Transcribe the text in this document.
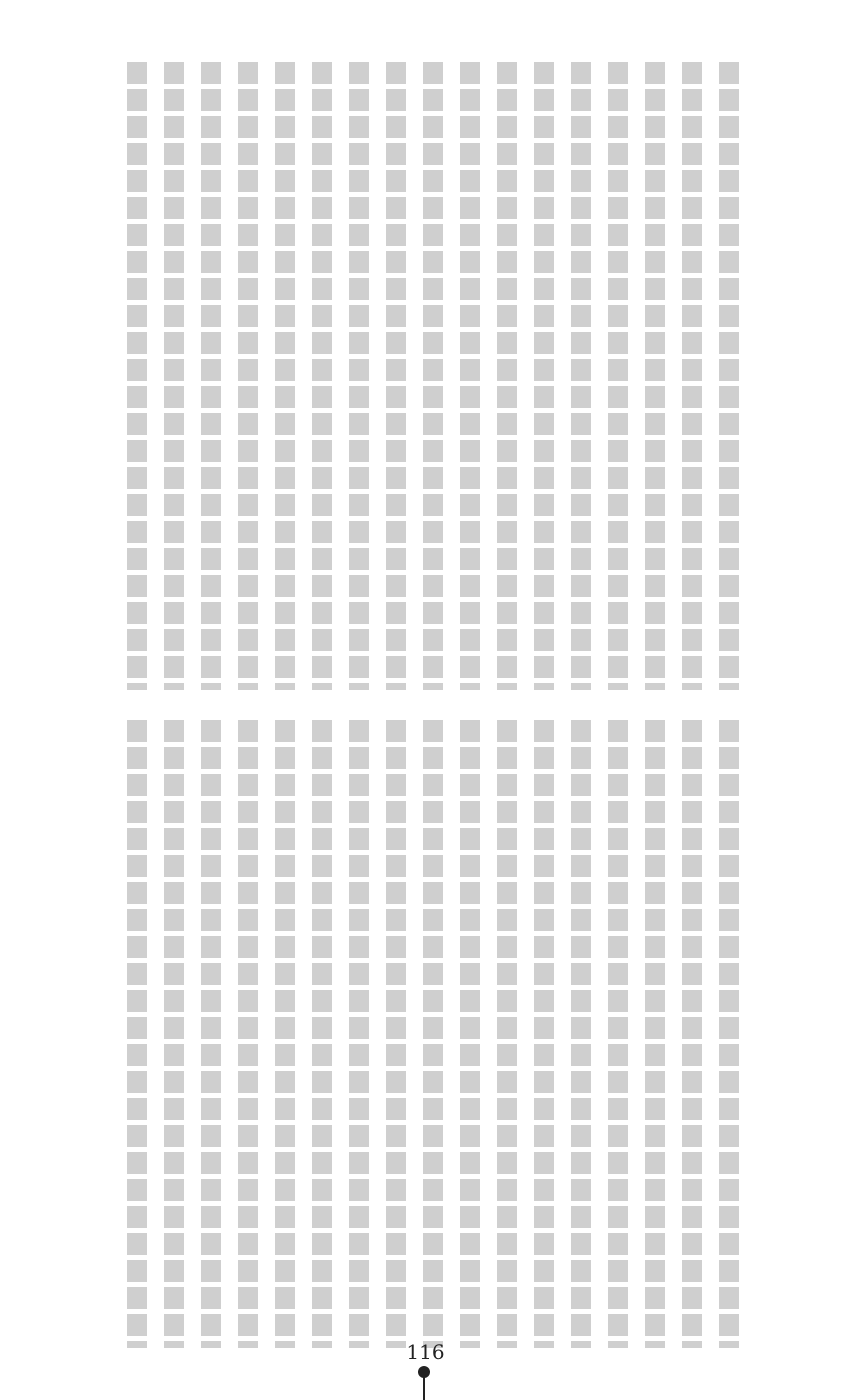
116
